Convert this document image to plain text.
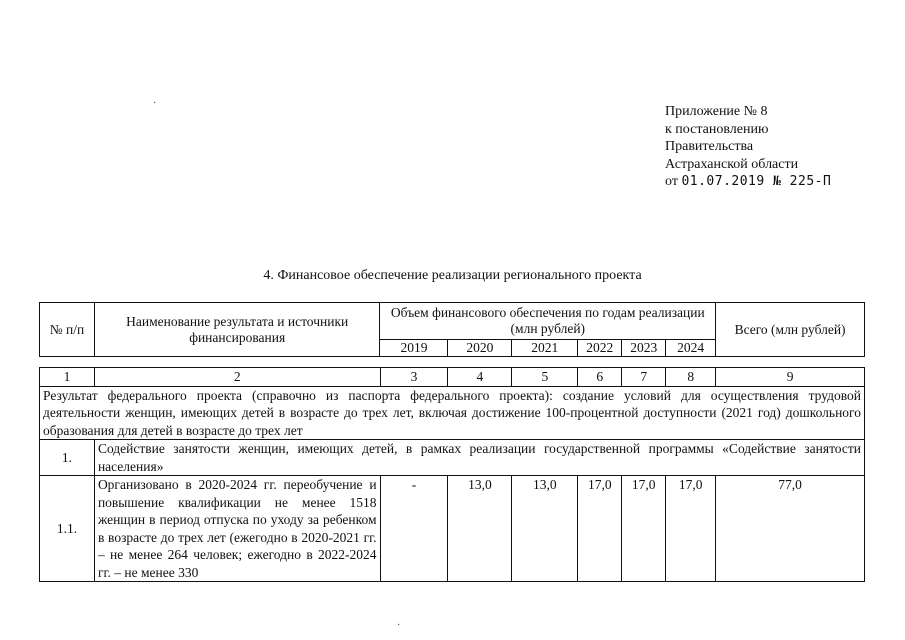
Приложение № 8
к постановлению
Правительства
Астраханской области
от 01.07.2019 № 225-П
4. Финансовое обеспечение реализации регионального проекта
№ п/п	Наименование результата и источники финансирования	Объем финансового обеспечения по годам реализации (млн рублей)						Всего (млн рублей)
		2019	2020	2021	2022	2023	2024	
1	2	3	4	5	6	7	8	9
Результат федерального проекта (справочно из паспорта федерального проекта): создание условий для осуществления трудовой деятельности женщин, имеющих детей в возрасте до трех лет, включая достижение 100-процентной доступности (2021 год) дошкольного образования для детей в возрасте до трех лет								
1.	Содействие занятости женщин, имеющих детей, в рамках реализации государственной программы «Содействие занятости населения»							
1.1.	Организовано в 2020-2024 гг. переобучение и повышение квалификации не менее 1518 женщин в период отпуска по уходу за ребенком в возрасте до трех лет (ежегодно в 2020-2021 гг. – не менее 264 человек; ежегодно в 2022-2024 гг. – не менее 330	-	13,0	13,0	17,0	17,0	17,0	77,0
·
·
